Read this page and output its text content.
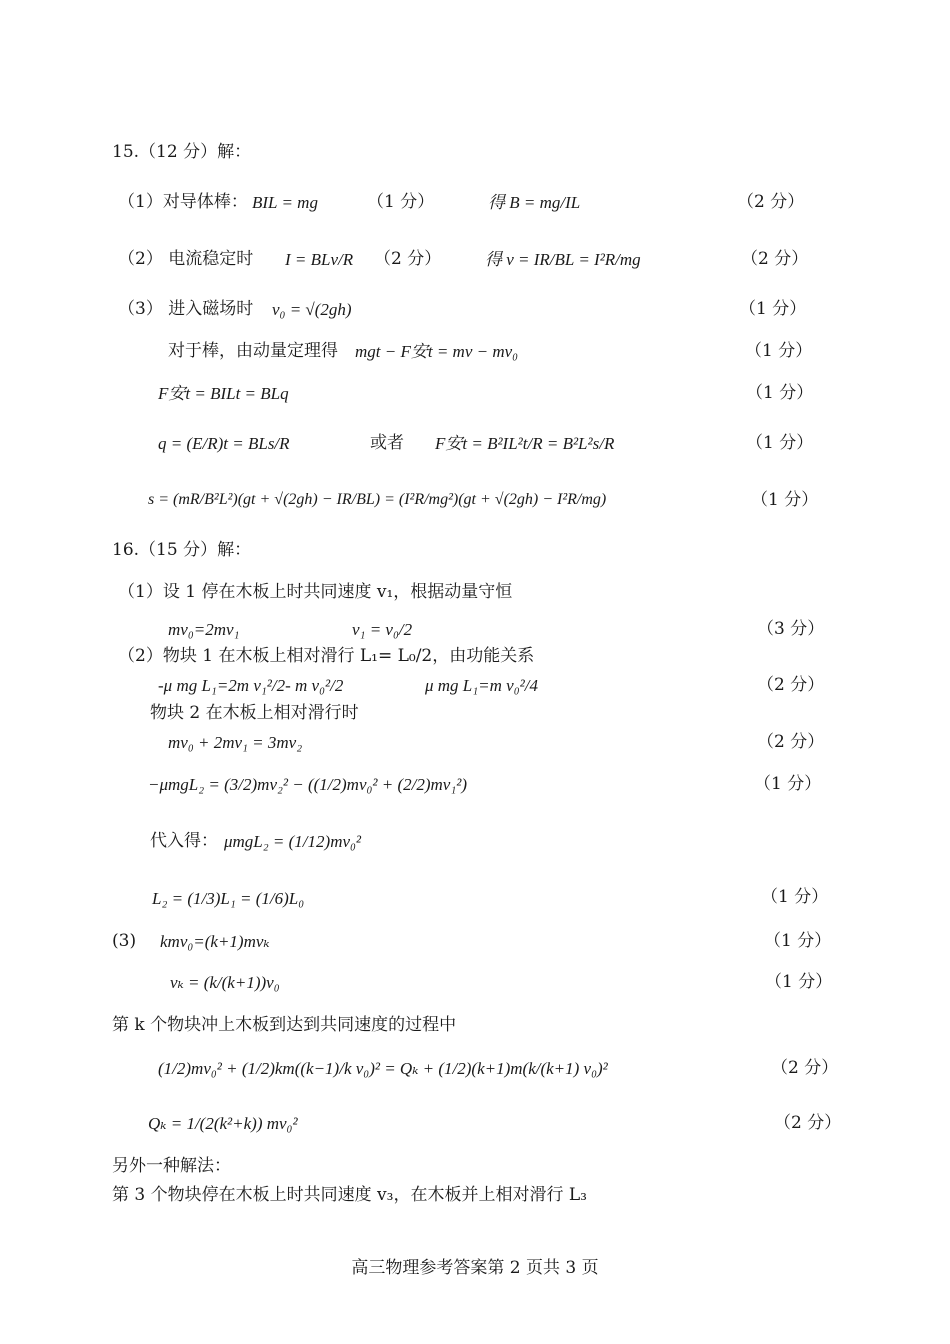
15.（12 分）解：
（1）对导体棒： BIL = mg	（1 分）	得 B = mg/IL	（2 分）
（2） 电流稳定时 I = BLv/R （2 分）	得 v = IR/BL = I²R/mg	（2 分）
（3） 进入磁场时 v₀ = √(2gh)	（1 分）
对于棒，由动量定理得 mgt − F安t = mv − mv₀	（1 分）
F安t = BILt = BLq	（1 分）
q = (E/R)t = BLs/R	或者 F安t = B²IL²t/R = B²L²s/R	（1 分）
s = (mR/B²L²)(gt + √(2gh) − IR/BL) = (I²R/mg²)(gt + √(2gh) − I²R/mg)	（1 分）
16.（15 分）解：
（1）设 1 停在木板上时共同速度 v₁，根据动量守恒
mv₀=2mv₁	v₁ = v₀/2	（3 分）
（2）物块 1 在木板上相对滑行 L₁= L₀/2，由功能关系
-μ mg L₁=2m v₁²/2- m v₀²/2	μ mg L₁=m v₀²/4	（2 分）
物块 2 在木板上相对滑行时
mv₀ + 2mv₁ = 3mv₂	（2 分）
−μmgL₂ = (3/2)mv₂² − ((1/2)mv₀² + (2/2)mv₁²)	（1 分）
代入得： μmgL₂ = (1/12)mv₀²
L₂ = (1/3)L₁ = (1/6)L₀	（1 分）
(3) kmv₀=(k+1)mvₖ	（1 分）
vₖ = (k/(k+1))v₀	（1 分）
第 k 个物块冲上木板到达到共同速度的过程中
(1/2)mv₀² + (1/2)km((k−1)/k v₀)² = Qₖ + (1/2)(k+1)m(k/(k+1) v₀)²	（2 分）
Qₖ = 1/(2(k²+k)) mv₀²	（2 分）
另外一种解法：
第 3 个物块停在木板上时共同速度 v₃，在木板并上相对滑行 L₃
高三物理参考答案第 2 页共 3 页
